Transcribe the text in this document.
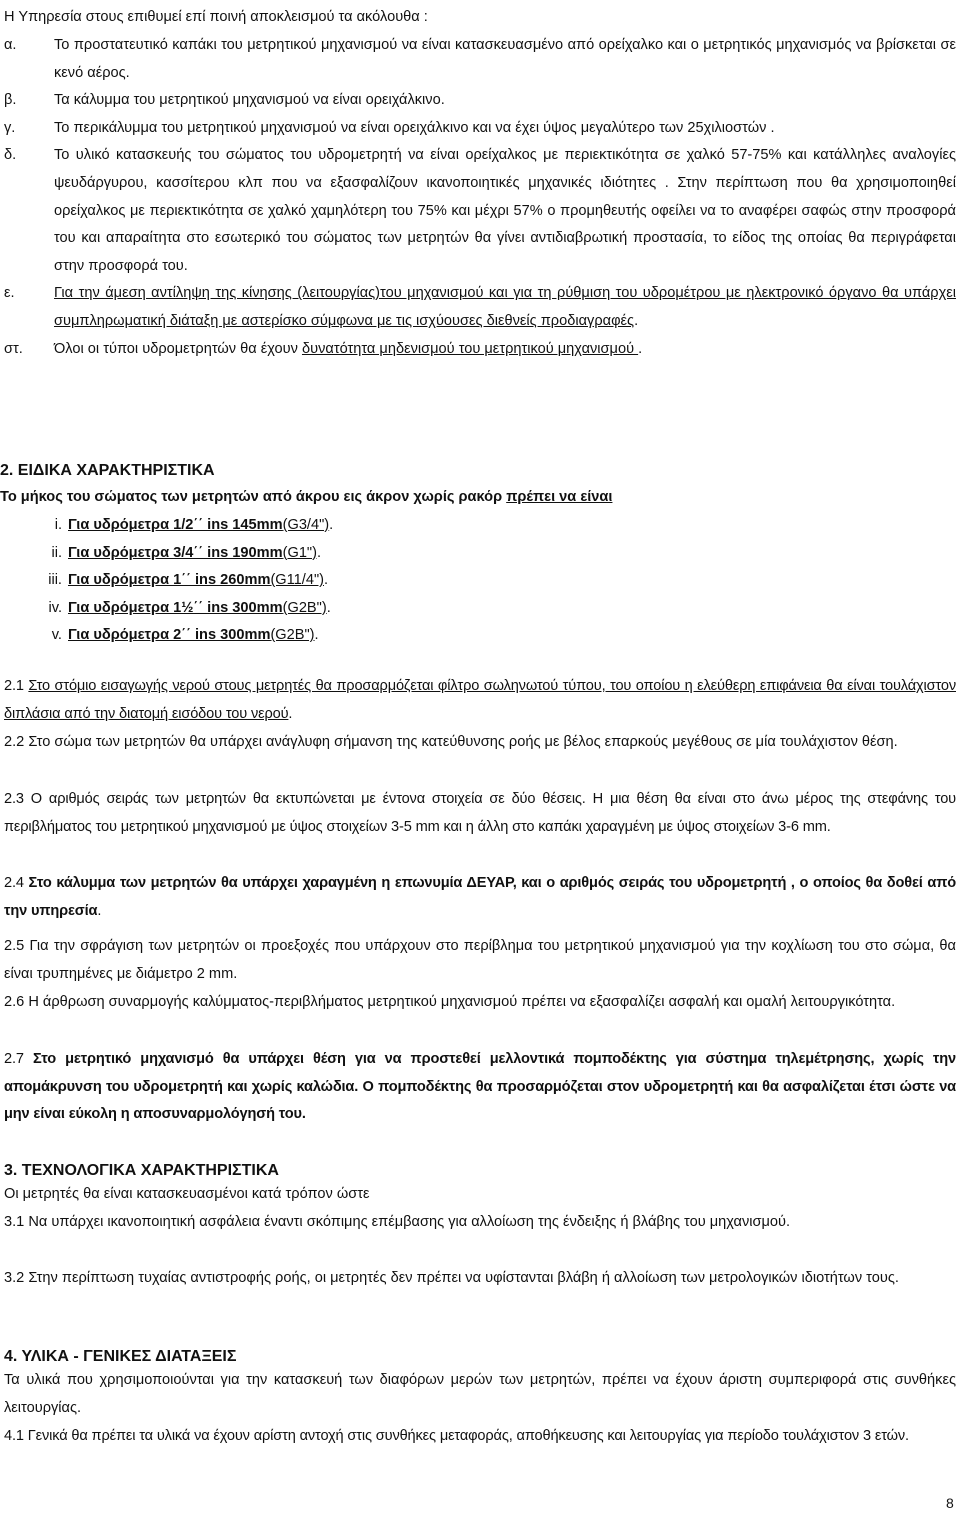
Η Υπηρεσία στους επιθυμεί επί ποινή αποκλεισμού τα ακόλουθα :

α.	Το προστατευτικό καπάκι του μετρητικού μηχανισμού να είναι κατασκευασμένο από ορείχαλκο και ο μετρητικός μηχανισμός να βρίσκεται σε κενό αέρος.
β.	Τα κάλυμμα του μετρητικού μηχανισμού να είναι ορειχάλκινο.
γ.	Το περικάλυμμα του μετρητικού μηχανισμού να είναι ορειχάλκινο και να έχει ύψος μεγαλύτερο των 25χιλιοστών .
δ.	Το υλικό κατασκευής του σώματος του υδρομετρητή να είναι ορείχαλκος με περιεκτικότητα σε χαλκό 57-75% και κατάλληλες αναλογίες ψευδάργυρου, κασσίτερου κλπ που να εξασφαλίζουν ικανοποιητικές μηχανικές ιδιότητες . Στην περίπτωση που θα χρησιμοποιηθεί ορείχαλκος με περιεκτικότητα σε χαλκό χαμηλότερη του 75% και μέχρι 57% ο προμηθευτής οφείλει να το αναφέρει σαφώς στην προσφορά του και απαραίτητα στο εσωτερικό του σώματος των μετρητών θα γίνει αντιδιαβρωτική προστασία, το είδος της οποίας θα περιγράφεται στην προσφορά του.
ε.	Για την άμεση αντίληψη της κίνησης (λειτουργίας)του μηχανισμού και για τη ρύθμιση του υδρομέτρου με ηλεκτρονικό όργανο θα υπάρχει συμπληρωματική διάταξη με αστερίσκο σύμφωνα με τις ισχύουσες διεθνείς προδιαγραφές.
στ.	Όλοι οι τύποι υδρομετρητών θα έχουν δυνατότητα μηδενισμού του μετρητικού μηχανισμού .

2. ΕΙΔΙΚΑ ΧΑΡΑΚΤΗΡΙΣΤΙΚΑ

Το μήκος του σώματος των μετρητών από άκρου εις άκρον χωρίς ρακόρ πρέπει να είναι

i. Για υδρόμετρα 1/2΄΄ ins 145mm(G3/4") .
ii. Για υδρόμετρα 3/4΄΄ ins 190mm(G1") .
iii. Για υδρόμετρα 1΄΄ ins 260mm(G11/4") .
iv. Για υδρόμετρα 1½΄΄ ins 300mm(G2B") .
v. Για υδρόμετρα 2΄΄ ins 300mm(G2B") .

2.1 Στο στόμιο εισαγωγής νερού στους μετρητές θα προσαρμόζεται φίλτρο σωληνωτού τύπου, του οποίου η ελεύθερη επιφάνεια θα είναι τουλάχιστον διπλάσια από την διατομή εισόδου του νερού.

2.2 Στο σώμα των μετρητών θα υπάρχει ανάγλυφη σήμανση της κατεύθυνσης ροής με βέλος επαρκούς μεγέθους σε μία τουλάχιστον θέση.

2.3 Ο αριθμός σειράς των μετρητών θα εκτυπώνεται με έντονα στοιχεία σε δύο θέσεις. Η μια θέση θα είναι στο άνω μέρος της στεφάνης του περιβλήματος του μετρητικού μηχανισμού με ύψος στοιχείων 3-5 mm και η άλλη στο καπάκι χαραγμένη με ύψος στοιχείων 3-6 mm.

2.4 Στο κάλυμμα των μετρητών θα υπάρχει χαραγμένη η επωνυμία ΔΕΥΑΡ, και ο αριθμός σειράς του υδρομετρητή , ο οποίος θα δοθεί από την υπηρεσία.

2.5 Για την σφράγιση των μετρητών οι προεξοχές που υπάρχουν στο περίβλημα του μετρητικού μηχανισμού για την κοχλίωση του στο σώμα, θα είναι τρυπημένες με διάμετρο 2 mm.

2.6 Η άρθρωση συναρμογής καλύμματος-περιβλήματος μετρητικού μηχανισμού πρέπει να εξασφαλίζει ασφαλή και ομαλή λειτουργικότητα.

2.7 Στο μετρητικό μηχανισμό θα υπάρχει θέση για να προστεθεί μελλοντικά πομποδέκτης για σύστημα τηλεμέτρησης, χωρίς την απομάκρυνση του υδρομετρητή και χωρίς καλώδια. Ο πομποδέκτης θα προσαρμόζεται στον υδρομετρητή και θα ασφαλίζεται έτσι ώστε να μην είναι εύκολη η αποσυναρμολόγησή του.

3. ΤΕΧΝΟΛΟΓΙΚΑ ΧΑΡΑΚΤΗΡΙΣΤΙΚΑ

Οι μετρητές θα είναι κατασκευασμένοι κατά τρόπον ώστε

3.1 Να υπάρχει ικανοποιητική ασφάλεια έναντι σκόπιμης επέμβασης για αλλοίωση της ένδειξης ή βλάβης του μηχανισμού.

3.2 Στην περίπτωση τυχαίας αντιστροφής ροής, οι μετρητές δεν πρέπει να υφίστανται βλάβη ή αλλοίωση των μετρολογικών ιδιοτήτων τους.

4. ΥΛΙΚΑ - ΓΕΝΙΚΕΣ ΔΙΑΤΑΞΕΙΣ

Τα υλικά που χρησιμοποιούνται για την κατασκευή των διαφόρων μερών των μετρητών, πρέπει να έχουν άριστη συμπεριφορά στις συνθήκες λειτουργίας.

4.1 Γενικά θα πρέπει τα υλικά να έχουν αρίστη αντοχή στις συνθήκες μεταφοράς, αποθήκευσης και λειτουργίας για περίοδο τουλάχιστον 3 ετών.

8
